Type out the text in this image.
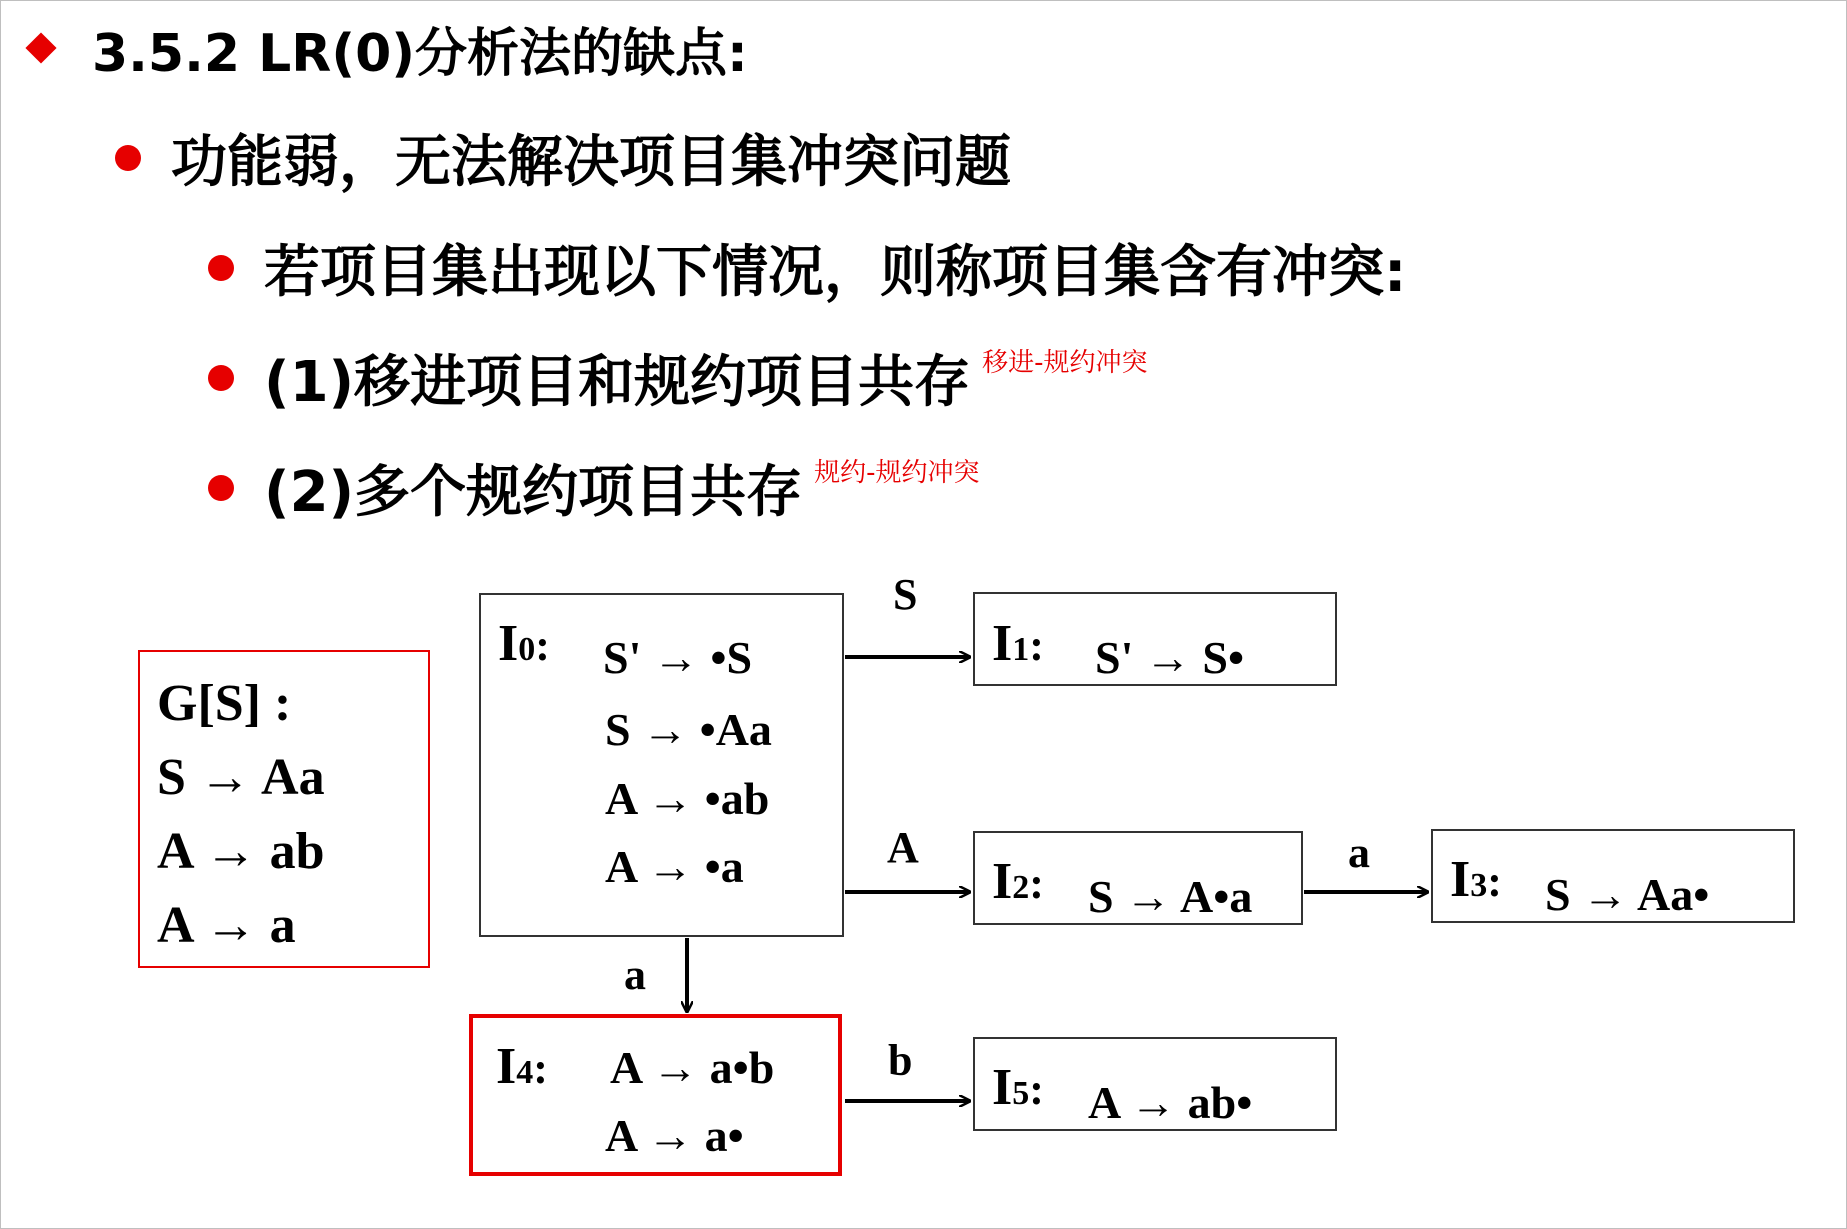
3.5.2 LR(0)分析法的缺点:
功能弱，无法解决项目集冲突问题
若项目集出现以下情况，则称项目集含有冲突:
(1)移进项目和规约项目共存 移进-规约冲突
(2)多个规约项目共存 规约-规约冲突
G[S] :
S → Aa
A → ab
A → a
I0: S' → •S
S → •Aa
A → •ab
A → •a
I1: S' → S•
I2: S → A•a	I3: S → Aa•
I4: A → a•b
A → a•
I5: A → ab•
S
A	a
a
b
